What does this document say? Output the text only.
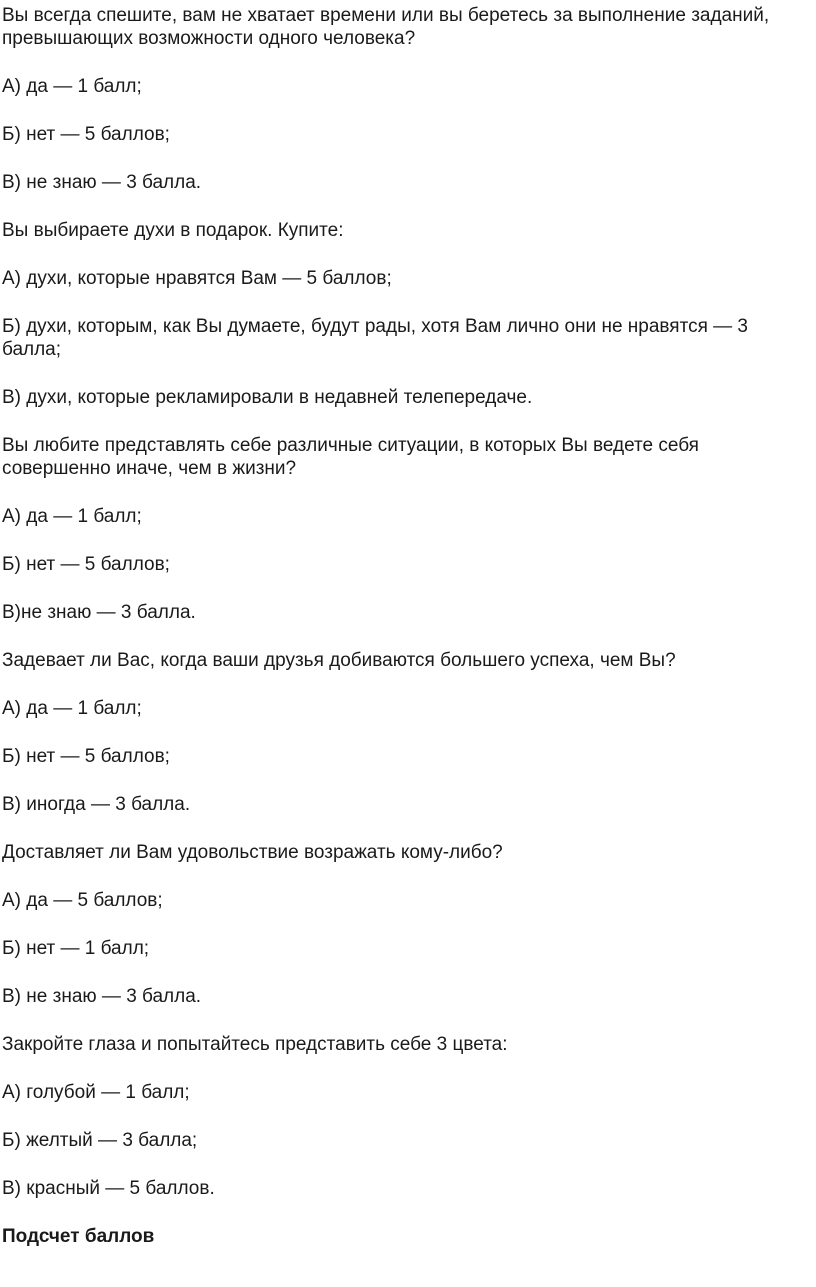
Вы всегда спешите, вам не хватает времени или вы беретесь за выполнение заданий, превышающих возможности одного человека?

А) да — 1 балл;

Б) нет — 5 баллов;

В) не знаю — 3 балла.

Вы выбираете духи в подарок. Купите:

А) духи, которые нравятся Вам — 5 баллов;

Б) духи, которым, как Вы думаете, будут рады, хотя Вам лично они не нравятся — 3 балла;

В) духи, которые рекламировали в недавней телепередаче.

Вы любите представлять себе различные ситуации, в которых Вы ведете себя совершенно иначе, чем в жизни?

А) да — 1 балл;

Б) нет — 5 баллов;

В)не знаю — 3 балла.

Задевает ли Вас, когда ваши друзья добиваются большего успеха, чем Вы?

А) да — 1 балл;

Б) нет — 5 баллов;

В) иногда — 3 балла.

Доставляет ли Вам удовольствие возражать кому-либо?

А) да — 5 баллов;

Б) нет — 1 балл;

В) не знаю — 3 балла.

Закройте глаза и попытайтесь представить себе 3 цвета:

А) голубой — 1 балл;

Б) желтый — 3 балла;

В) красный — 5 баллов.

Подсчет баллов
